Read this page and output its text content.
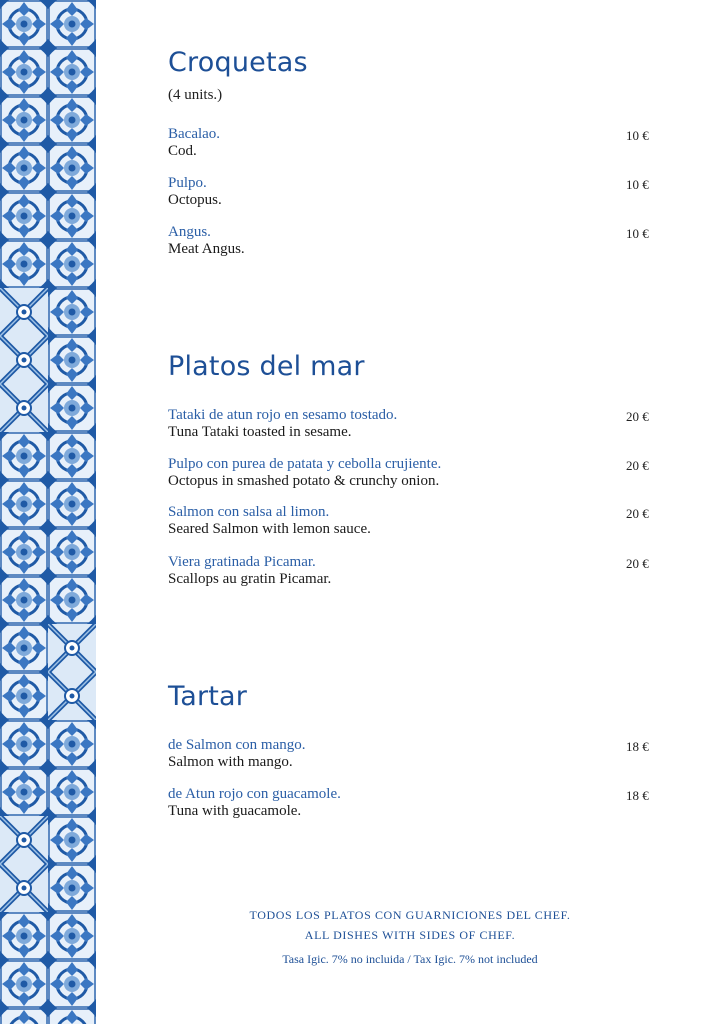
Croquetas

(4 units.)

Bacalao.
Cod.
10 €
Pulpo.
Octopus.
10 €
Angus.
Meat Angus.
10 €
Platos del mar
Tataki de atun rojo en sesamo tostado.
Tuna Tataki toasted in sesame.
20 €
Pulpo con purea de patata y cebolla crujiente.
Octopus in smashed potato & crunchy onion.
20 €
Salmon con salsa al limon.
Seared Salmon with lemon sauce.
20 €
Viera gratinada Picamar.
Scallops au gratin Picamar.
20 €
Tartar
de Salmon con mango.
Salmon with mango.
18 €
de Atun rojo con guacamole.
Tuna with guacamole.
18 €
TODOS LOS PLATOS CON GUARNICIONES DEL CHEF.
ALL DISHES WITH SIDES OF CHEF.
Tasa Igic. 7% no incluida / Tax Igic. 7% not included
